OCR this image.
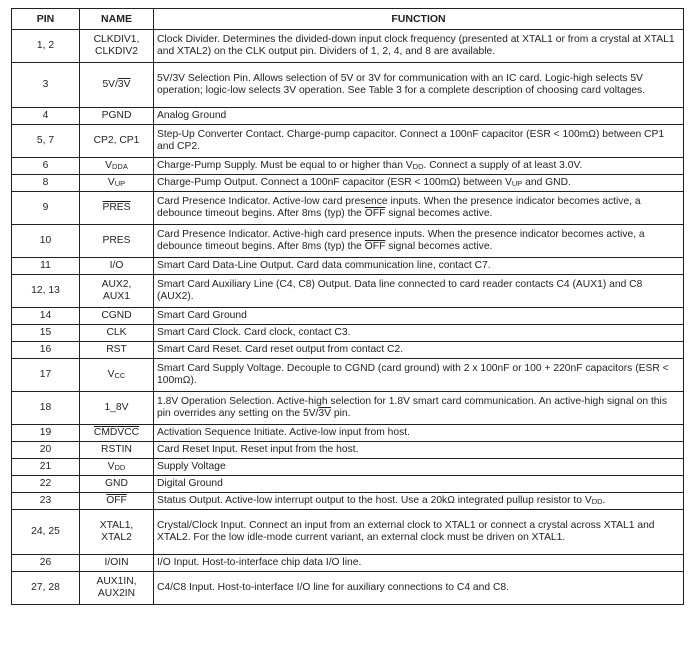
PIN	NAME	FUNCTION
1, 2	CLKDIV1,
CLKDIV2	Clock Divider. Determines the divided-down input clock frequency (presented at XTAL1 or from a crystal at XTAL1 and XTAL2) on the CLK output pin. Dividers of 1, 2, 4, and 8 are available.
3	5V/3V	5V/3V Selection Pin. Allows selection of 5V or 3V for communication with an IC card. Logic-high selects 5V operation; logic-low selects 3V operation. See Table 3 for a complete description of choosing card voltages.
4	PGND	Analog Ground
5, 7	CP2, CP1	Step-Up Converter Contact. Charge-pump capacitor. Connect a 100nF capacitor (ESR < 100mΩ) between CP1 and CP2.
6	$V_{DDA}$	Charge-Pump Supply. Must be equal to or higher than $V_{DD}$. Connect a supply of at least 3.0V.
8	$V_{UP}$	Charge-Pump Output. Connect a 100nF capacitor (ESR < 100mΩ) between $V_{UP}$ and GND.
9	PRES	Card Presence Indicator. Active-low card presence inputs. When the presence indicator becomes active, a debounce timeout begins. After 8ms (typ) the $\overline{OFF}$ signal becomes active.
10	PRES	Card Presence Indicator. Active-high card presence inputs. When the presence indicator becomes active, a debounce timeout begins. After 8ms (typ) the $\overline{OFF}$ signal becomes active.
11	I/O	Smart Card Data-Line Output. Card data communication line, contact C7.
12, 13	AUX2,
AUX1	Smart Card Auxiliary Line (C4, C8) Output. Data line connected to card reader contacts C4 (AUX1) and C8 (AUX2).
14	CGND	Smart Card Ground
15	CLK	Smart Card Clock. Card clock, contact C3.
16	RST	Smart Card Reset. Card reset output from contact C2.
17	$V_{CC}$	Smart Card Supply Voltage. Decouple to CGND (card ground) with 2 x 100nF or 100 + 220nF capacitors (ESR < 100mΩ).
18	1_8V	1.8V Operation Selection. Active-high selection for 1.8V smart card communication. An active-high signal on this pin overrides any setting on the 5V/3V pin.
19	CMDVCC	Activation Sequence Initiate. Active-low input from host.
20	RSTIN	Card Reset Input. Reset input from the host.
21	$V_{DD}$	Supply Voltage
22	GND	Digital Ground
23	$\overline{OFF}$	Status Output. Active-low interrupt output to the host. Use a 20kΩ integrated pullup resistor to $V_{DD}$.
24, 25	XTAL1,
XTAL2	Crystal/Clock Input. Connect an input from an external clock to XTAL1 or connect a crystal across XTAL1 and XTAL2. For the low idle-mode current variant, an external clock must be driven on XTAL1.
26	I/OIN	I/O Input. Host-to-interface chip data I/O line.
27, 28	AUX1IN,
AUX2IN	C4/C8 Input. Host-to-interface I/O line for auxiliary connections to C4 and C8.
